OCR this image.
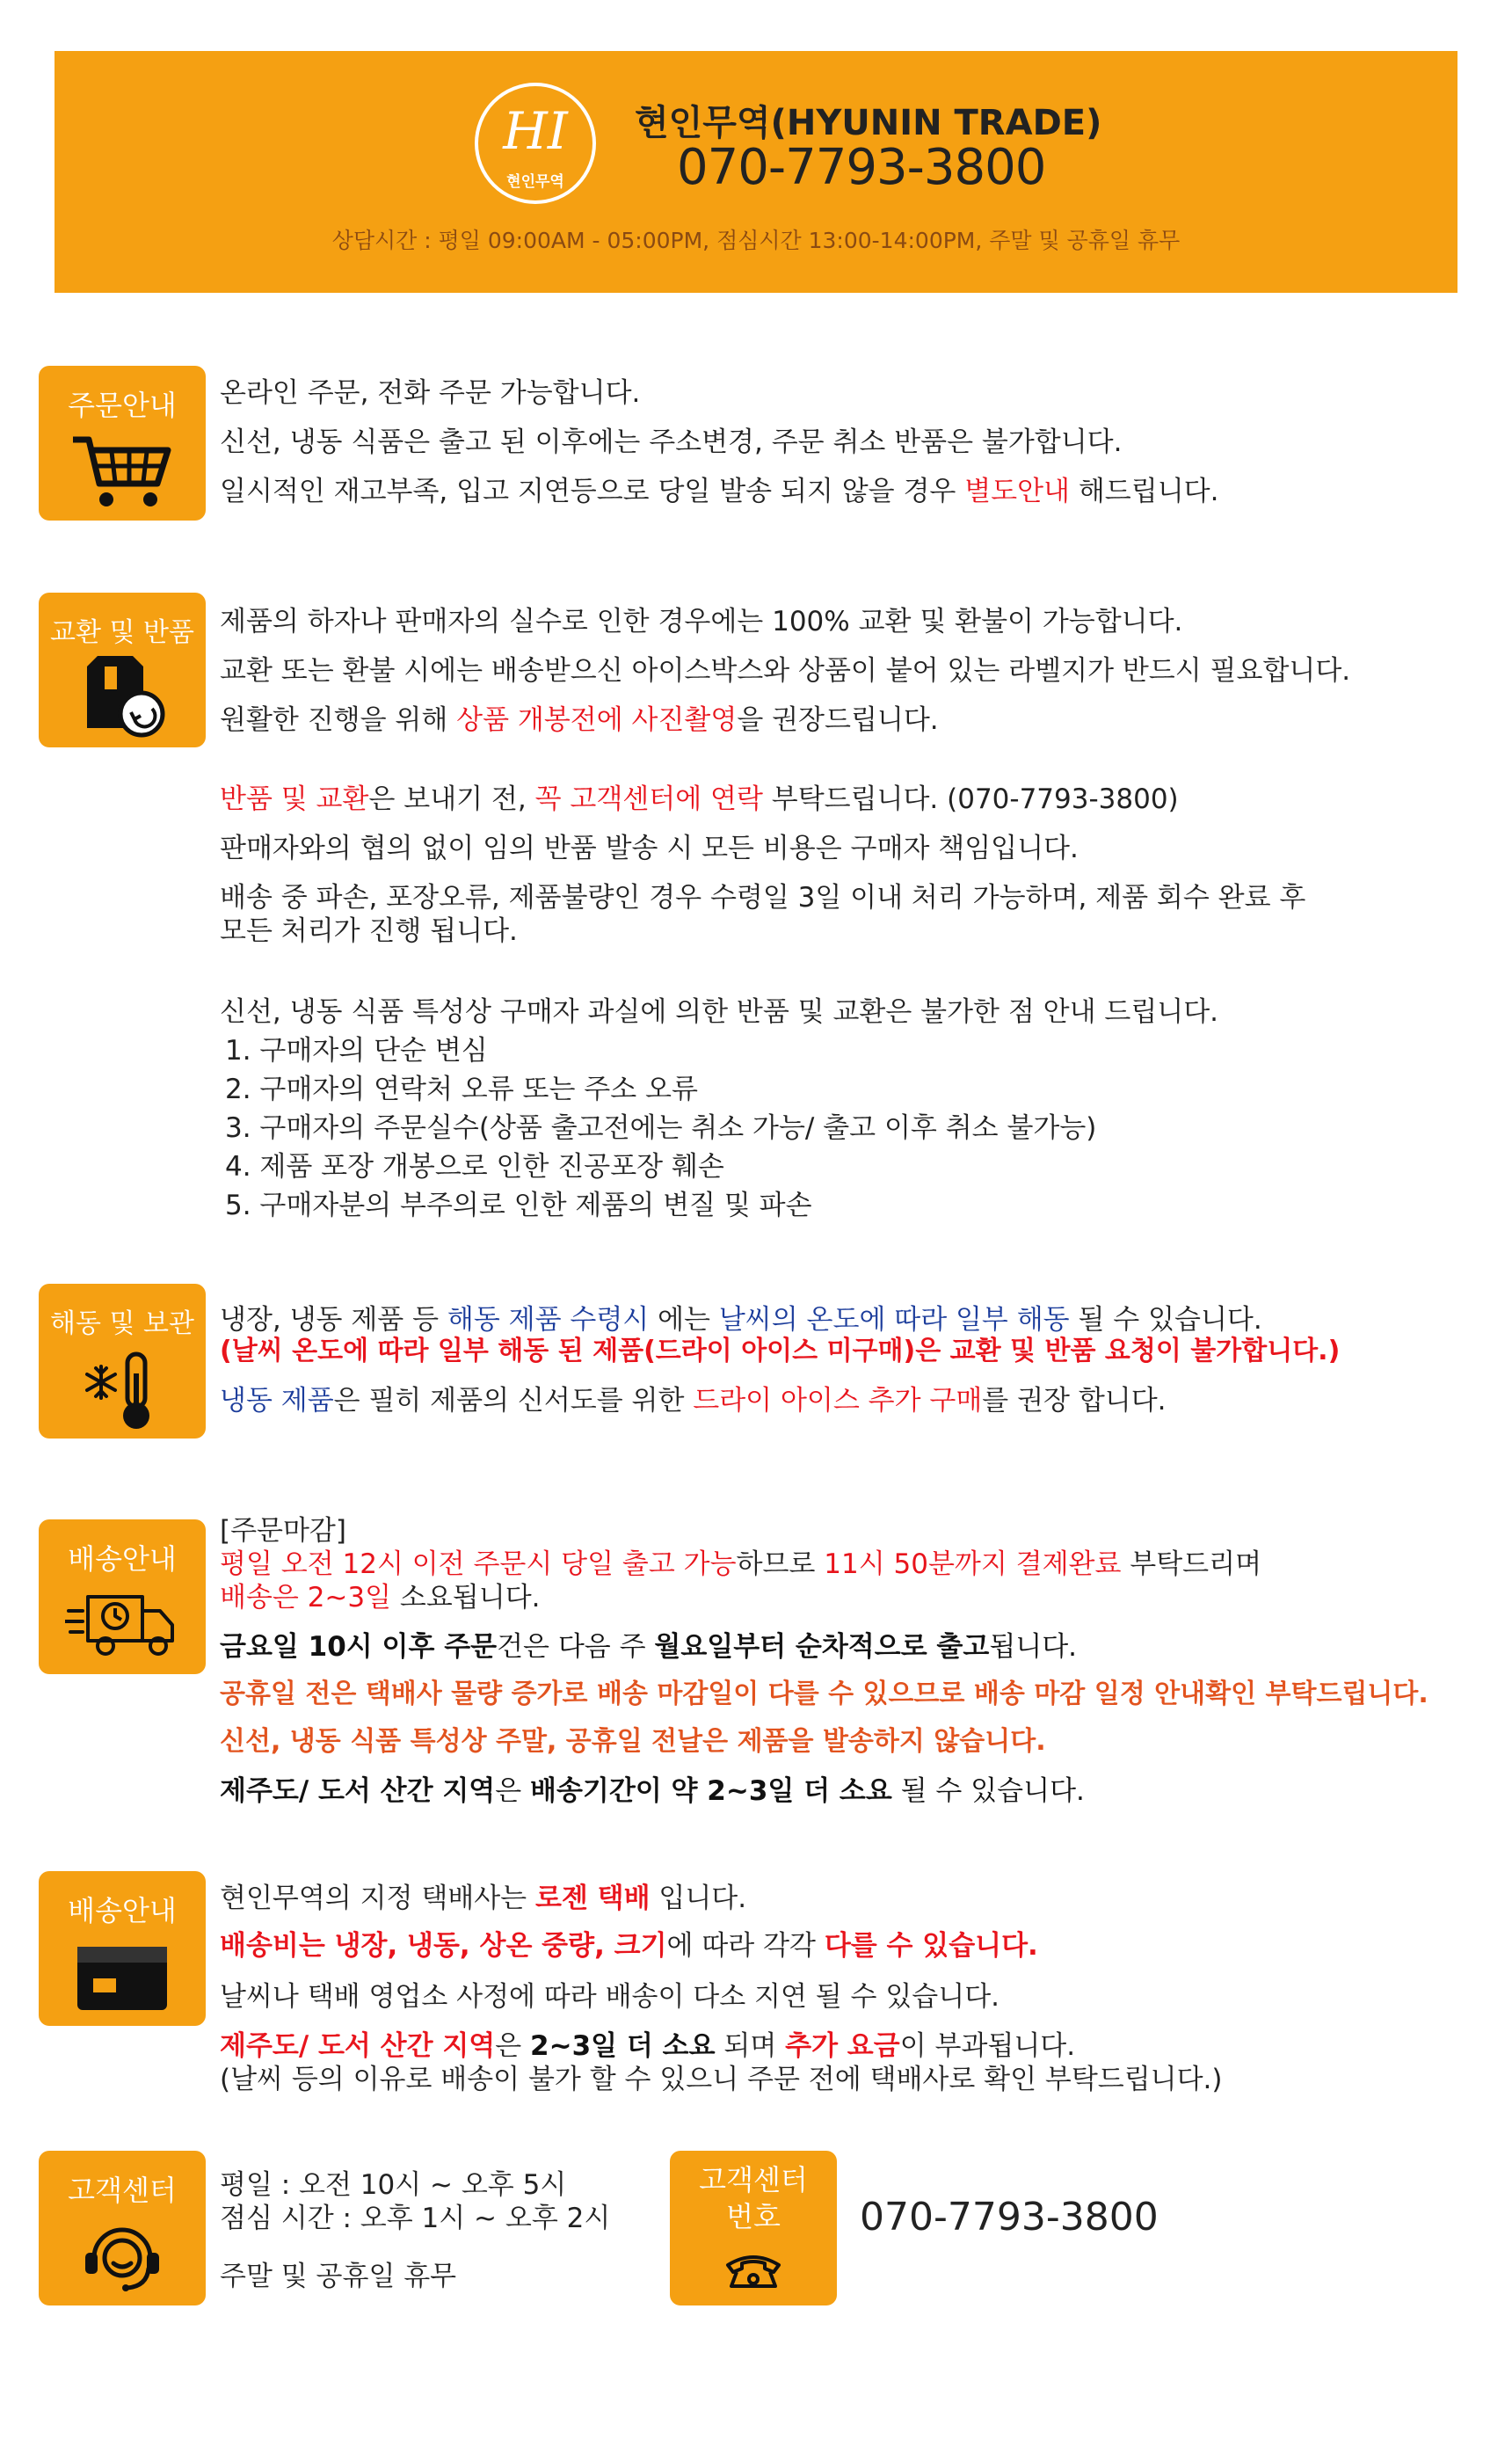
HI
현인무역
현인무역(HYUNIN TRADE)
070-7793-3800
상담시간 : 평일 09:00AM - 05:00PM, 점심시간 13:00-14:00PM, 주말 및 공휴일 휴무
주문안내	온라인 주문, 전화 주문 가능합니다.
신선, 냉동 식품은 출고 된 이후에는 주소변경, 주문 취소 반품은 불가합니다.
일시적인 재고부족, 입고 지연등으로 당일 발송 되지 않을 경우 별도안내 해드립니다.
교환 및 반품 제품의 하자나 판매자의 실수로 인한 경우에는 100% 교환 및 환불이 가능합니다.
교환 또는 환불 시에는 배송받으신 아이스박스와 상품이 붙어 있는 라벨지가 반드시 필요합니다.
원활한 진행을 위해 상품 개봉전에 사진촬영을 권장드립니다.
반품 및 교환은 보내기 전, 꼭 고객센터에 연락 부탁드립니다. (070-7793-3800)
판매자와의 협의 없이 임의 반품 발송 시 모든 비용은 구매자 책임입니다.
배송 중 파손, 포장오류, 제품불량인 경우 수령일 3일 이내 처리 가능하며, 제품 회수 완료 후
모든 처리가 진행 됩니다.
신선, 냉동 식품 특성상 구매자 과실에 의한 반품 및 교환은 불가한 점 안내 드립니다.
1. 구매자의 단순 변심
2. 구매자의 연락처 오류 또는 주소 오류
3. 구매자의 주문실수(상품 출고전에는 취소 가능/ 출고 이후 취소 불가능)
4. 제품 포장 개봉으로 인한 진공포장 훼손
5. 구매자분의 부주의로 인한 제품의 변질 및 파손
해동 및 보관 냉장, 냉동 제품 등 해동 제품 수령시 에는 날씨의 온도에 따라 일부 해동 될 수 있습니다.
(날씨 온도에 따라 일부 해동 된 제품(드라이 아이스 미구매)은 교환 및 반품 요청이 불가합니다.)
냉동 제품은 필히 제품의 신서도를 위한 드라이 아이스 추가 구매를 권장 합니다.
배송안내
[주문마감]
평일 오전 12시 이전 주문시 당일 출고 가능하므로 11시 50분까지 결제완료 부탁드리며
배송은 2~3일 소요됩니다.
금요일 10시 이후 주문건은 다음 주 월요일부터 순차적으로 출고됩니다.
공휴일 전은 택배사 물량 증가로 배송 마감일이 다를 수 있으므로 배송 마감 일정 안내확인 부탁드립니다.
신선, 냉동 식품 특성상 주말, 공휴일 전날은 제품을 발송하지 않습니다.
제주도/ 도서 산간 지역은 배송기간이 약 2~3일 더 소요 될 수 있습니다.
배송안내	현인무역의 지정 택배사는 로젠 택배 입니다.
배송비는 냉장, 냉동, 상온 중량, 크기에 따라 각각 다를 수 있습니다.
날씨나 택배 영업소 사정에 따라 배송이 다소 지연 될 수 있습니다.
제주도/ 도서 산간 지역은 2~3일 더 소요 되며 추가 요금이 부과됩니다.
(날씨 등의 이유로 배송이 불가 할 수 있으니 주문 전에 택배사로 확인 부탁드립니다.)
고객센터	평일 : 오전 10시 ~ 오후 5시
점심 시간 : 오후 1시 ~ 오후 2시
주말 및 공휴일 휴무
고객센터
번호	070-7793-3800
